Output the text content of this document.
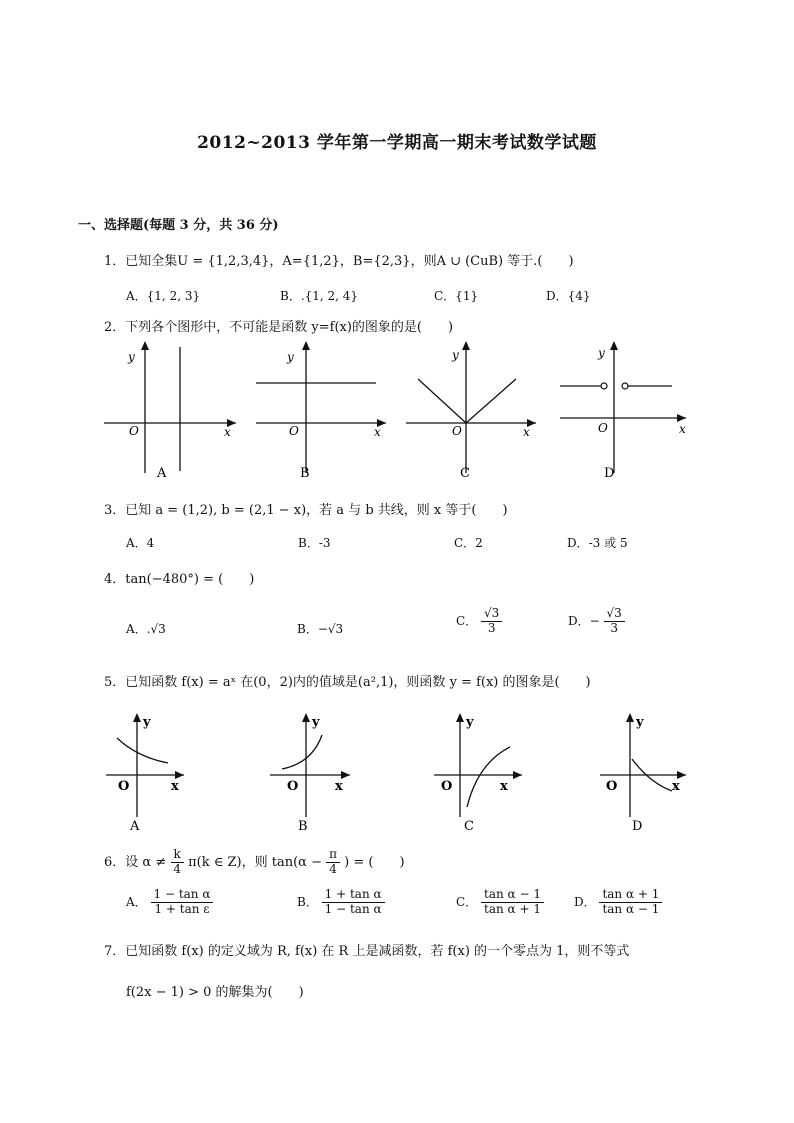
2012~2013 学年第一学期高一期末考试数学试题
一、选择题(每题 3 分，共 36 分)
1．已知全集U = {1,2,3,4}，A={1,2}，B={2,3}，则A ∪ (CuB) 等于.(　　)
A．{1, 2, 3}	B．.{1, 2, 4}	C．{1}	D．{4}
2．下列各个图形中，不可能是函数 y=f(x)的图象的是(　　)
y
O	x
A
y
O	x
B
y
O	x
C
y
O	x
D
3．已知 a = (1,2), b = (2,1 − x)，若 a 与 b 共线，则 x 等于(　　)
A．4	B．-3	C．2	D．-3 或 5
4．tan(−480°) = (　　)
A．.√3	B．−√3
C． $\frac{√3}{3}$	D．− $\frac{√3}{3}$
5．已知函数 f(x) = aˣ 在(0，2)内的值域是(a²,1)，则函数 y = f(x) 的图象是(　　)
y
O	x
A
y
O	x
B
y
O	x
C
y
O	x
D
6．设 $\alpha \ne \frac{k}{4} \pi(k$ ∈ Z)，则 $\tan(\alpha - \frac{\pi}{4}$ ) = (　　)
A． $\frac{\text{1 − tan α}}{\text{1 + tan ε}}$	B． $\frac{\text{1 + tan α}}{\text{1 − tan α}}$	C． $\frac{\text{tan α − 1}}{\text{tan α + 1}}$	D． $\frac{\text{tan α + 1}}{\text{tan α − 1}}$
7．已知函数 f(x) 的定义域为 R, f(x) 在 R 上是减函数，若 f(x) 的一个零点为 1，则不等式
f(2x − 1) > 0 的解集为(　　)
